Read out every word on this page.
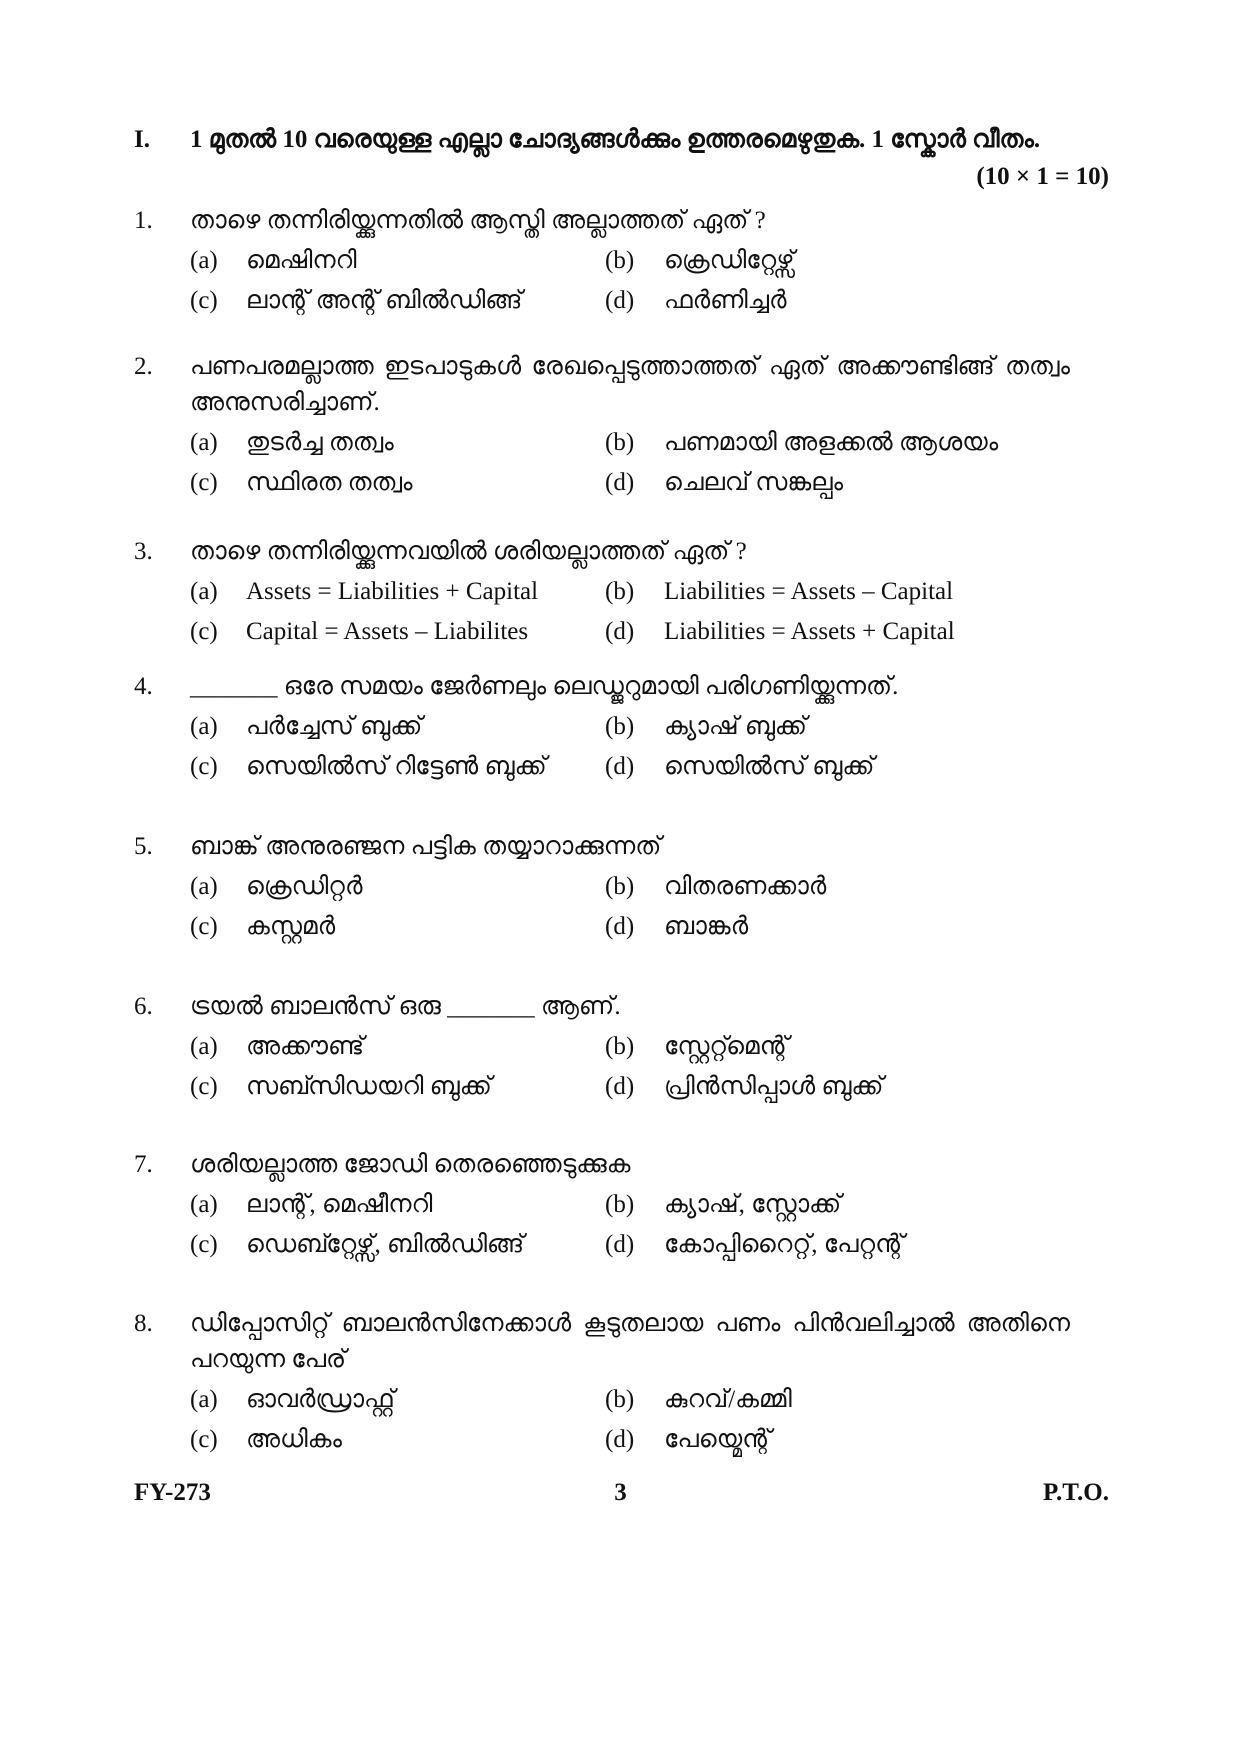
I. 1 മുതൽ 10 വരെയുള്ള എല്ലാ ചോദ്യങ്ങൾക്കും ഉത്തരമെഴുതുക. 1 സ്കോർ വീതം.
(10 × 1 = 10)
1. താഴെ തന്നിരിയ്ക്കുന്നതിൽ ആസ്തി അല്ലാത്തത് ഏത് ?
(a)	മെഷിനറി	(b)	ക്രെഡിറ്റേഴ്സ്
(c)	ലാന്റ് അന്റ് ബിൽഡിങ്ങ്	(d)	ഫർണിച്ചർ
2. പണപരമല്ലാത്ത ഇടപാടുകൾ രേഖപ്പെടുത്താത്തത് ഏത് അക്കൗണ്ടിങ്ങ് തത്വം അനുസരിച്ചാണ്.
(a)	തുടർച്ച തത്വം	(b)	പണമായി അളക്കൽ ആശയം
(c)	സ്ഥിരത തത്വം	(d)	ചെലവ് സങ്കല്പം
3. താഴെ തന്നിരിയ്ക്കുന്നവയിൽ ശരിയല്ലാത്തത് ഏത് ?
(a)	Assets = Liabilities + Capital	(b)	Liabilities = Assets – Capital
(c)	Capital = Assets – Liabilites	(d)	Liabilities = Assets + Capital
4. _______ ഒരേ സമയം ജേർണലും ലെഡ്ജറുമായി പരിഗണിയ്ക്കുന്നത്.
(a)	പർച്ചേസ് ബുക്ക്	(b)	ക്യാഷ് ബുക്ക്
(c)	സെയിൽസ് റിട്ടേൺ ബുക്ക്	(d)	സെയിൽസ് ബുക്ക്
5. ബാങ്ക് അനുരഞ്ജന പട്ടിക തയ്യാറാക്കുന്നത്
(a)	ക്രെഡിറ്റർ	(b)	വിതരണക്കാർ
(c)	കസ്റ്റമർ	(d)	ബാങ്കർ
6. ട്രയൽ ബാലൻസ് ഒരു _______ ആണ്.
(a)	അക്കൗണ്ട്	(b)	സ്റ്റേറ്റ്മെന്റ്
(c)	സബ്സിഡയറി ബുക്ക്	(d)	പ്രിൻസിപ്പാൾ ബുക്ക്
7. ശരിയല്ലാത്ത ജോഡി തെരഞ്ഞെടുക്കുക
(a)	ലാന്റ്, മെഷീനറി	(b)	ക്യാഷ്, സ്റ്റോക്ക്
(c)	ഡെബ്റ്റേഴ്സ്, ബിൽഡിങ്ങ്	(d)	കോപ്പിറൈറ്റ്, പേറ്റന്റ്
8. ഡിപ്പോസിറ്റ് ബാലൻസിനേക്കാൾ കൂടുതലായ പണം പിൻവലിച്ചാൽ അതിനെ പറയുന്ന പേര്
(a)	ഓവർഡ്രാഫ്റ്റ്	(b)	കുറവ്/കമ്മി
(c)	അധികം	(d)	പേയ്മെന്റ്
FY-273	3	P.T.O.
